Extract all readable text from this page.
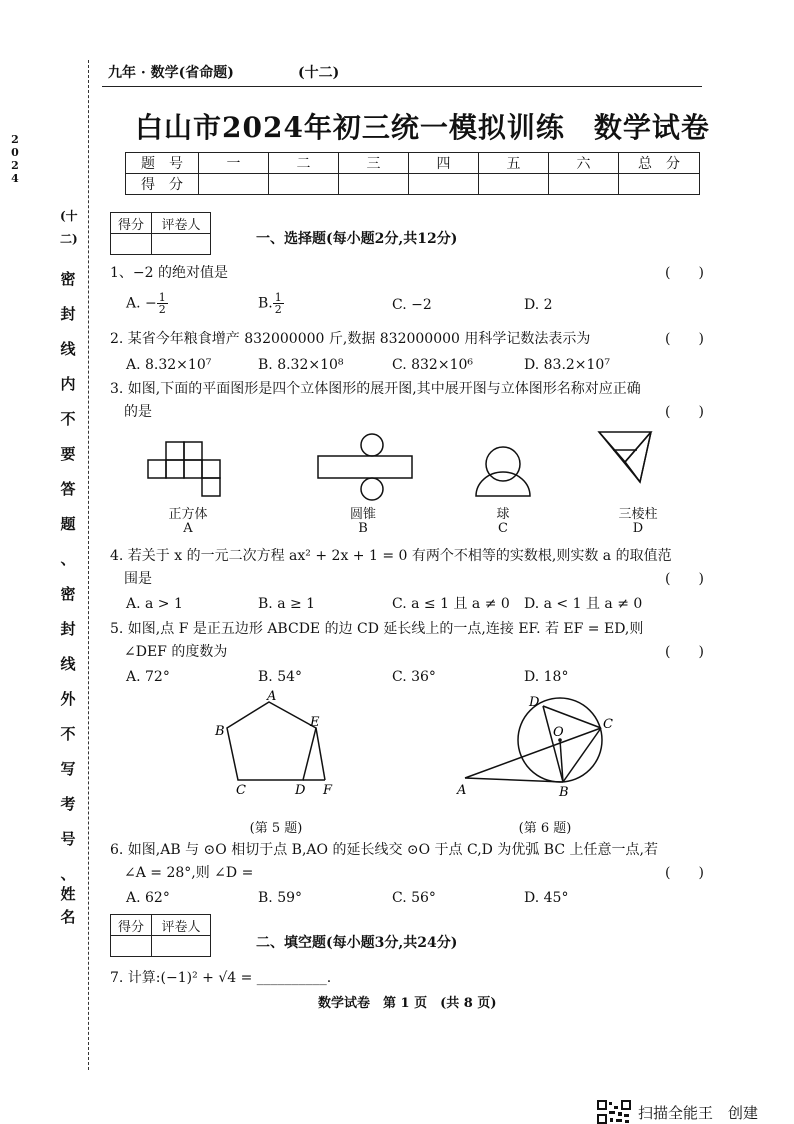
九年 · 数学(省命题)	(十二)
2
0
2
4
(十二)
密
封
线
内
不
要
答
题
、
密
封
线
外
不
写
考
号
、
姓
名
白山市2024年初三统一模拟训练　数学试卷
题　号	一	二	三	四	五	六	总　分
得　分							
得分	评卷人

一、选择题(每小题2分,共12分)
1、−2 的绝对值是	(　　)
A. − $\frac{1}{2}$	B. $\frac{1}{2}$	C. −2	D. 2
2. 某省今年粮食增产 832000000 斤,数据 832000000 用科学记数法表示为	(　　)
A. 8.32×10⁷	B. 8.32×10⁸	C. 832×10⁶	D. 83.2×10⁷
3. 如图,下面的平面图形是四个立体图形的展开图,其中展开图与立体图形名称对应正确
的是	(　　)
正方体
A
圆锥
B
球
C
三棱柱
D
4. 若关于 x 的一元二次方程 ax² + 2x + 1 = 0 有两个不相等的实数根,则实数 a 的取值范
围是	(　　)
A. a > 1	B. a ≥ 1	C. a ≤ 1 且 a ≠ 0 D. a < 1 且 a ≠ 0
5. 如图,点 F 是正五边形 ABCDE 的边 CD 延长线上的一点,连接 EF. 若 EF = ED,则
∠DEF 的度数为	(　　)
A. 72°	B. 54°	C. 36°	D. 18°
A
B
C	D
E
F	A	B
C
D
O
(第 5 题)	(第 6 题)
6. 如图,AB 与 ⊙O 相切于点 B,AO 的延长线交 ⊙O 于点 C,D 为优弧 BC 上任意一点,若
∠A = 28°,则 ∠D =	(　　)
A. 62°	B. 59°	C. 56°	D. 45°
得分	评卷人

二、填空题(每小题3分,共24分)
7. 计算:(−1)² + √4 = __________.
数学试卷　第 1 页　(共 8 页)
扫描全能王　创建
